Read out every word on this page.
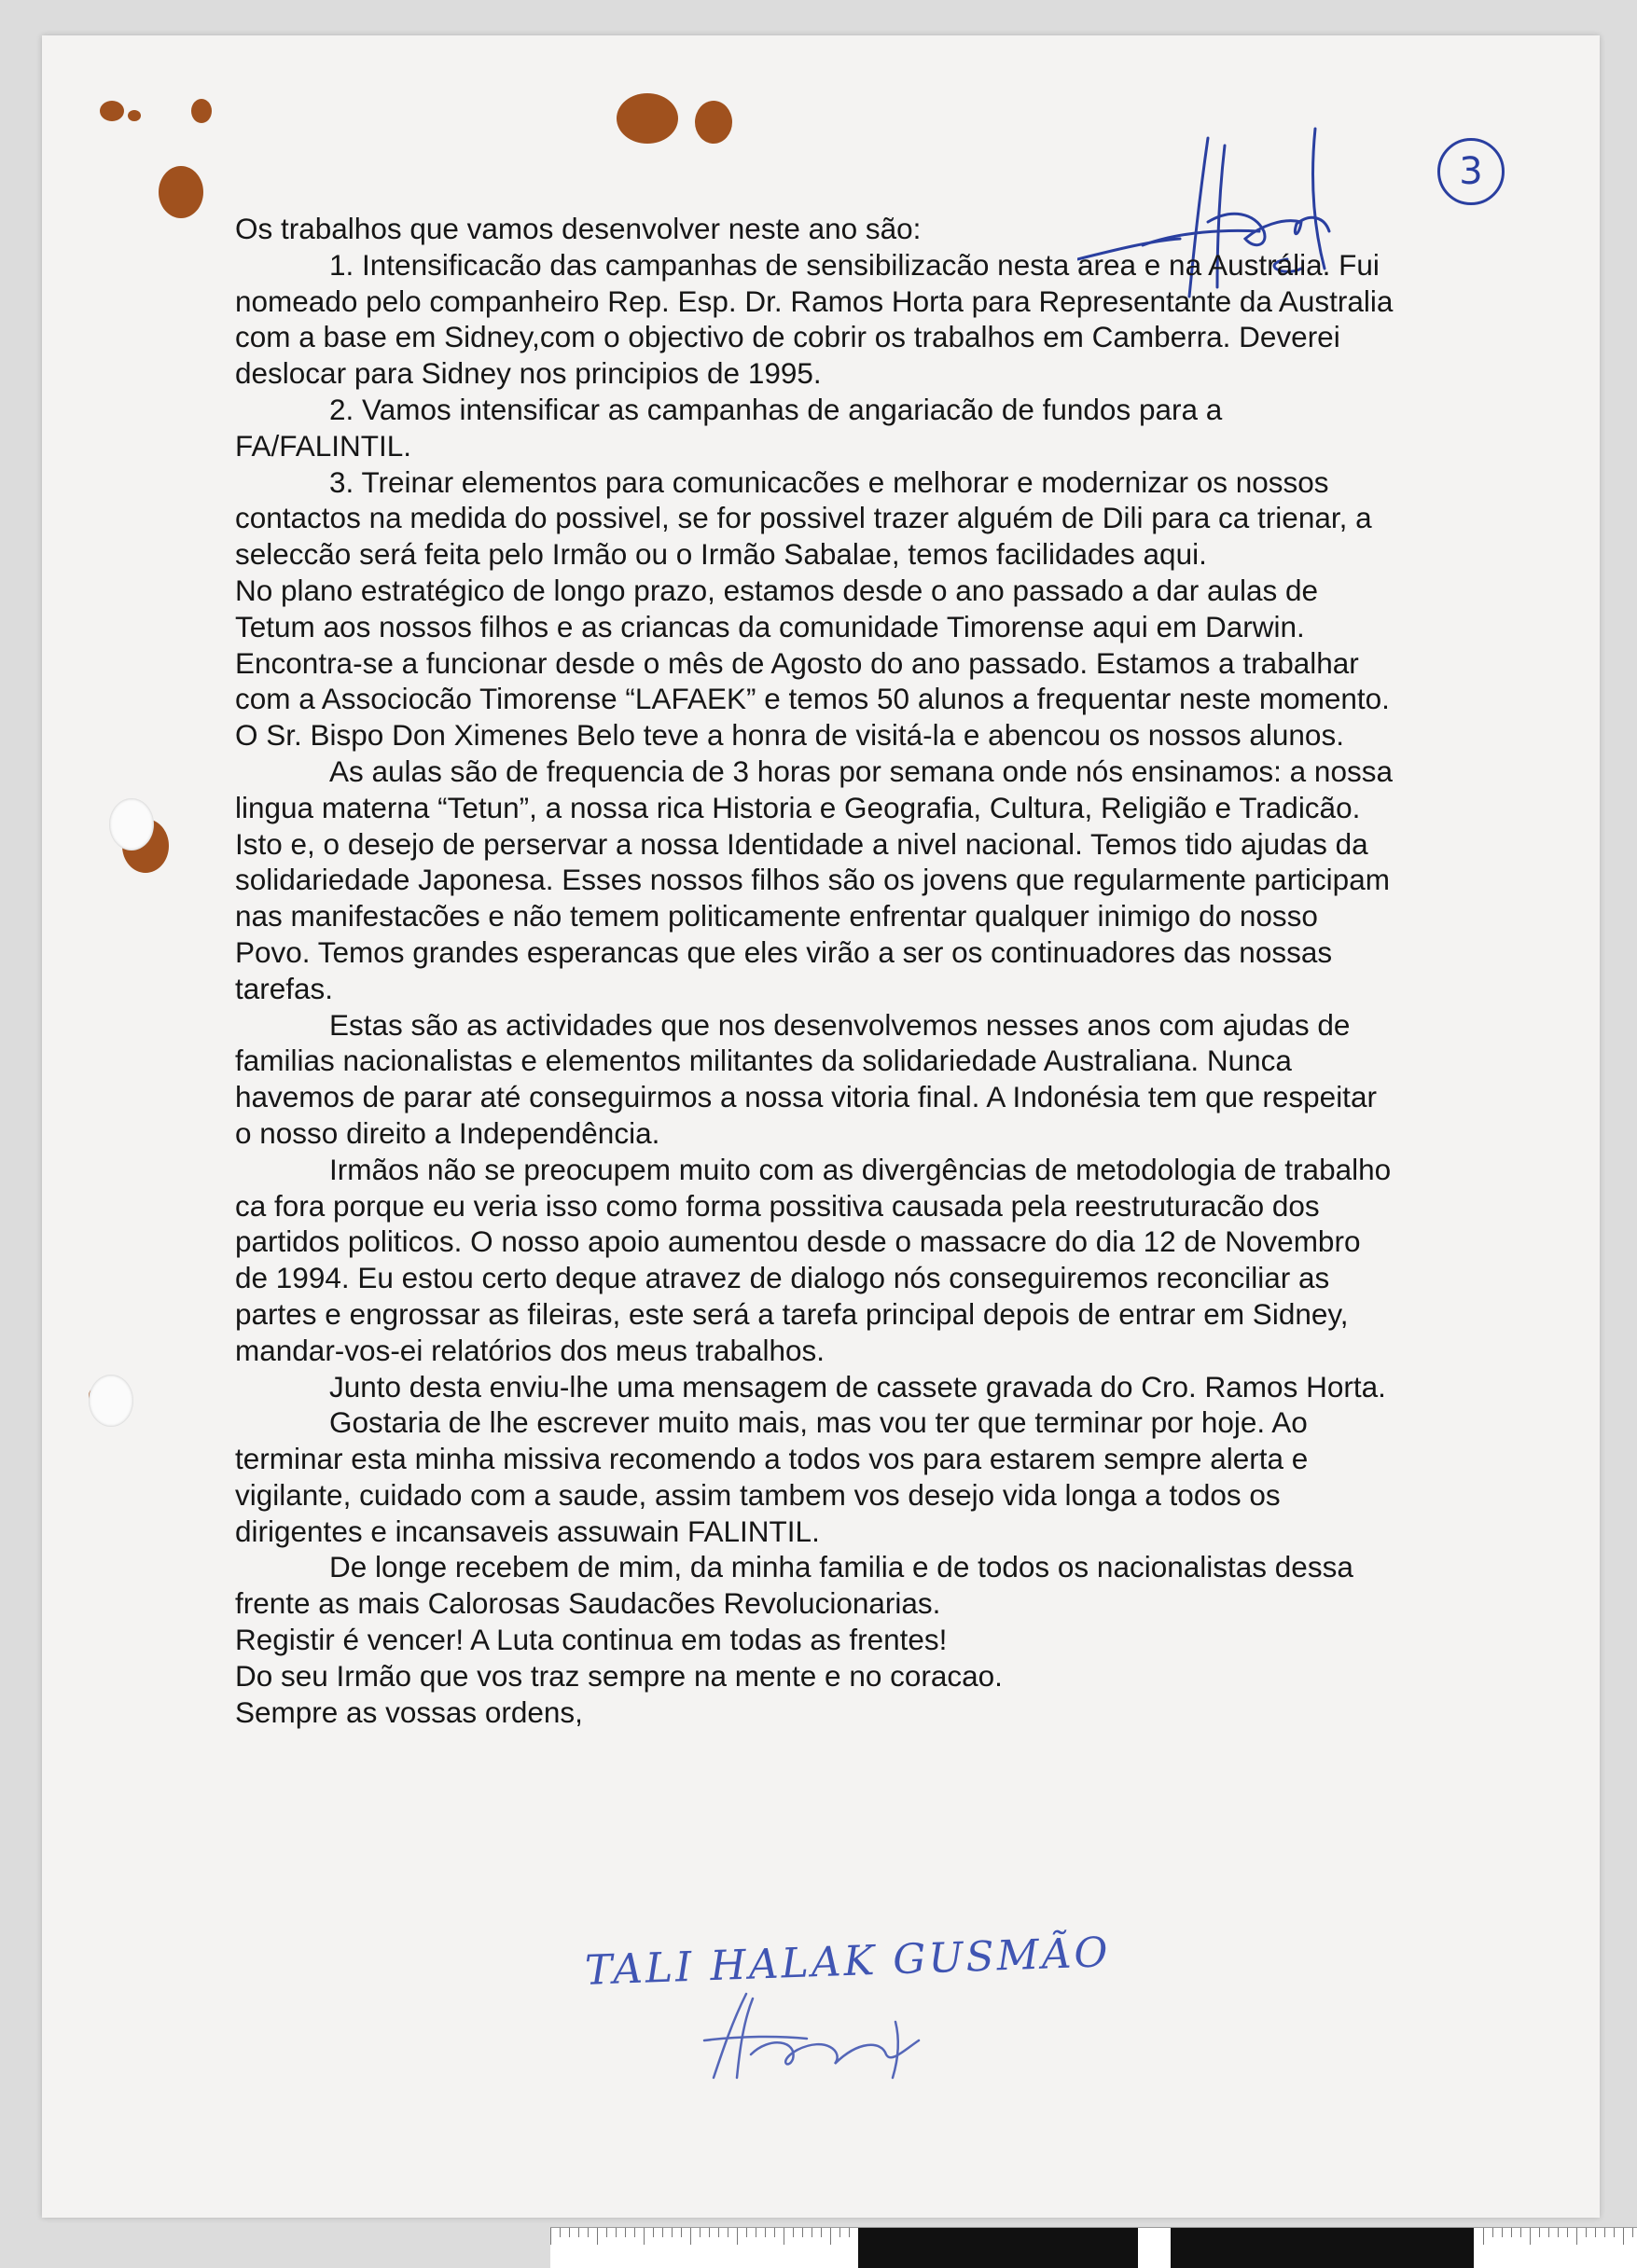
3
TALI HALAK GUSMÃO

Os trabalhos que vamos desenvolver neste ano são:

1. Intensificacão das campanhas de sensibilizacão nesta area e na Austrália. Fui nomeado pelo companheiro Rep. Esp. Dr. Ramos Horta para Representante da Australia com a base em Sidney,com o objectivo de cobrir os trabalhos em Camberra. Deverei deslocar para Sidney nos principios de 1995.

2. Vamos intensificar as campanhas de angariacão de fundos para a FA/FALINTIL.

3. Treinar elementos para comunicacões e melhorar e modernizar os nossos contactos na medida do possivel, se for possivel trazer alguém de Dili para ca trienar, a seleccão será feita pelo Irmão ou o Irmão Sabalae, temos facilidades aqui.

No plano estratégico de longo prazo, estamos desde o ano passado a dar aulas de Tetum aos nossos filhos e as criancas da comunidade Timorense aqui em Darwin. Encontra-se a funcionar desde o mês de Agosto do ano passado. Estamos a trabalhar com a Associocão Timorense “LAFAEK” e temos 50 alunos a frequentar neste momento. O Sr. Bispo Don Ximenes Belo teve a honra de visitá-la e abencou os nossos alunos.

As aulas são de frequencia de 3 horas por semana onde nós ensinamos: a nossa lingua materna “Tetun”, a nossa rica Historia e Geografia, Cultura, Religião e Tradicão. Isto e, o desejo de perservar a nossa Identidade a nivel nacional. Temos tido ajudas da solidariedade Japonesa. Esses nossos filhos são os jovens que regularmente participam nas manifestacões e não temem politicamente enfrentar qualquer inimigo do nosso Povo. Temos grandes esperancas que eles virão a ser os continuadores das nossas tarefas.

Estas são as actividades que nos desenvolvemos nesses anos com ajudas de familias nacionalistas e elementos militantes da solidariedade Australiana. Nunca havemos de parar até conseguirmos a nossa vitoria final. A Indonésia tem que respeitar o nosso direito a Independência.

Irmãos não se preocupem muito com as divergências de metodologia de trabalho ca fora porque eu veria isso como forma possitiva causada pela reestruturacão dos partidos politicos. O nosso apoio aumentou desde o massacre do dia 12 de Novembro de 1994. Eu estou certo deque atravez de dialogo nós conseguiremos reconciliar as partes e engrossar as fileiras, este será a tarefa principal depois de entrar em Sidney, mandar-vos-ei relatórios dos meus trabalhos.

Junto desta enviu-lhe uma mensagem de cassete gravada do Cro. Ramos Horta.

Gostaria de lhe escrever muito mais, mas vou ter que terminar por hoje. Ao terminar esta minha missiva recomendo a todos vos para estarem sempre alerta e vigilante, cuidado com a saude, assim tambem vos desejo vida longa a todos os dirigentes e incansaveis assuwain FALINTIL.

De longe recebem de mim, da minha familia e de todos os nacionalistas dessa frente as mais Calorosas Saudacões Revolucionarias.

Registir é vencer! A Luta continua em todas as frentes!

Do seu Irmão que vos traz sempre na mente e no coracao.

Sempre as vossas ordens,
